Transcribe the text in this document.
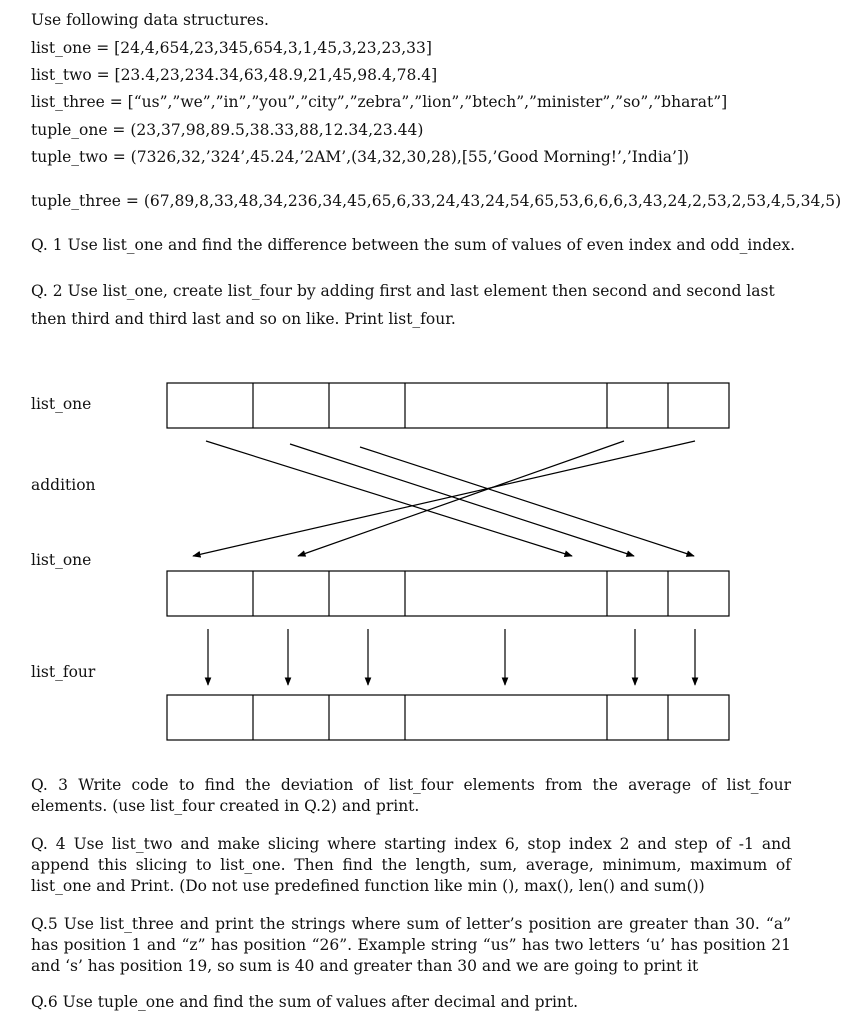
Use following data structures.
list_one = [24,4,654,23,345,654,3,1,45,3,23,23,33]
list_two = [23.4,23,234.34,63,48.9,21,45,98.4,78.4]
list_three = [“us”,”we”,”in”,”you”,”city”,”zebra”,”lion”,”btech”,”minister”,”so”,”bharat”]
tuple_one = (23,37,98,89.5,38.33,88,12.34,23.44)
tuple_two = (7326,32,’324’,45.24,’2AM’,(34,32,30,28),[55,’Good Morning!’,’India’])
tuple_three = (67,89,8,33,48,34,236,34,45,65,6,33,24,43,24,54,65,53,6,6,6,3,43,24,2,53,2,53,4,5,34,5)
Q. 1 Use list_one and find the difference between the sum of values of even index and odd_index.
Q. 2 Use list_one, create list_four by adding first and last element then second and second last then third and third last and so on like. Print list_four.
list_one
addition
list_one
list_four
Q. 3 Write code to find the deviation of list_four elements from the average of list_four elements. (use list_four created in Q.2) and print.
Q. 4 Use list_two and make slicing where starting index 6, stop index 2 and step of -1 and append this slicing to list_one. Then find the length, sum, average, minimum, maximum of list_one and Print. (Do not use predefined function like min (), max(), len() and sum())
Q.5 Use list_three and print the strings where sum of letter’s position are greater than 30. “a” has position 1 and “z” has position “26”. Example string “us” has two letters ‘u’ has position 21 and ‘s’ has position 19, so sum is 40 and greater than 30 and we are going to print it
Q.6 Use tuple_one and find the sum of values after decimal and print.
